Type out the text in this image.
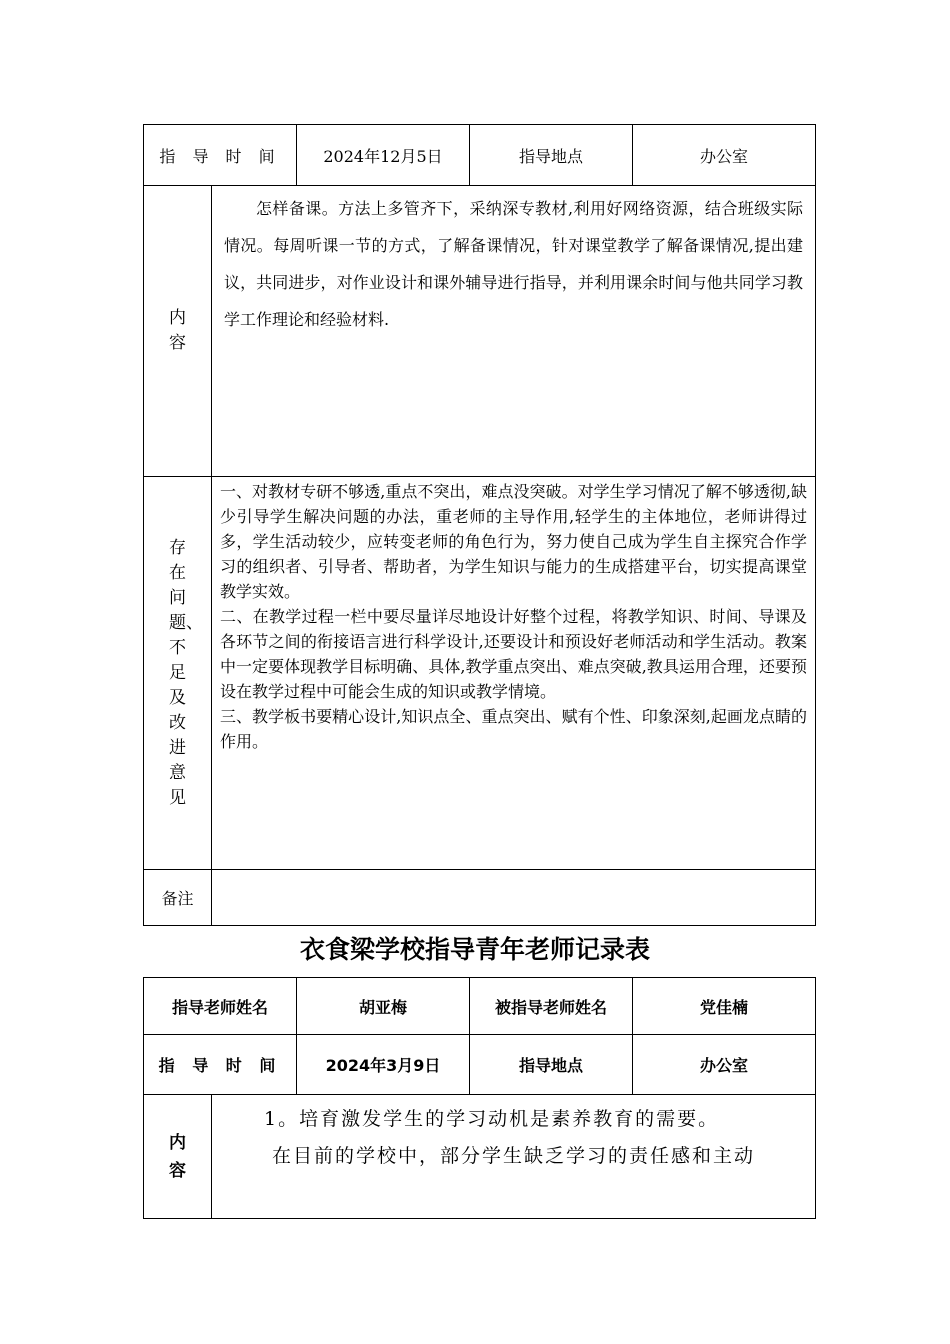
指 导 时 间		2024年12月5日	指导地点	办公室

内容	怎样备课。方法上多管齐下，采纳深专教材,利用好网络资源，结合班级实际情况。每周听课一节的方式，了解备课情况，针对课堂教学了解备课情况,提出建议，共同进步，对作业设计和课外辅导进行指导，并利用课余时间与他共同学习教学工作理论和经验材料.			

存在问题、不足及改进意见	一、对教材专研不够透,重点不突出，难点没突破。对学生学习情况了解不够透彻,缺少引导学生解决问题的办法，重老师的主导作用,轻学生的主体地位，老师讲得过多，学生活动较少，应转变老师的角色行为，努力使自己成为学生自主探究合作学习的组织者、引导者、帮助者，为学生知识与能力的生成搭建平台，切实提高课堂教学实效。

二、在教学过程一栏中要尽量详尽地设计好整个过程，将教学知识、时间、导课及各环节之间的衔接语言进行科学设计,还要设计和预设好老师活动和学生活动。教案中一定要体现教学目标明确、具体,教学重点突出、难点突破,教具运用合理，还要预设在教学过程中可能会生成的知识或教学情境。

三、教学板书要精心设计,知识点全、重点突出、赋有个性、印象深刻,起画龙点睛的作用。			

备注				
衣食梁学校指导青年老师记录表
指导老师姓名		胡亚梅	被指导老师姓名	党佳楠
指 导 时 间		2024年3月9日	指导地点	办公室

内容	1。培育激发学生的学习动机是素养教育的需要。

在目前的学校中，部分学生缺乏学习的责任感和主动			
